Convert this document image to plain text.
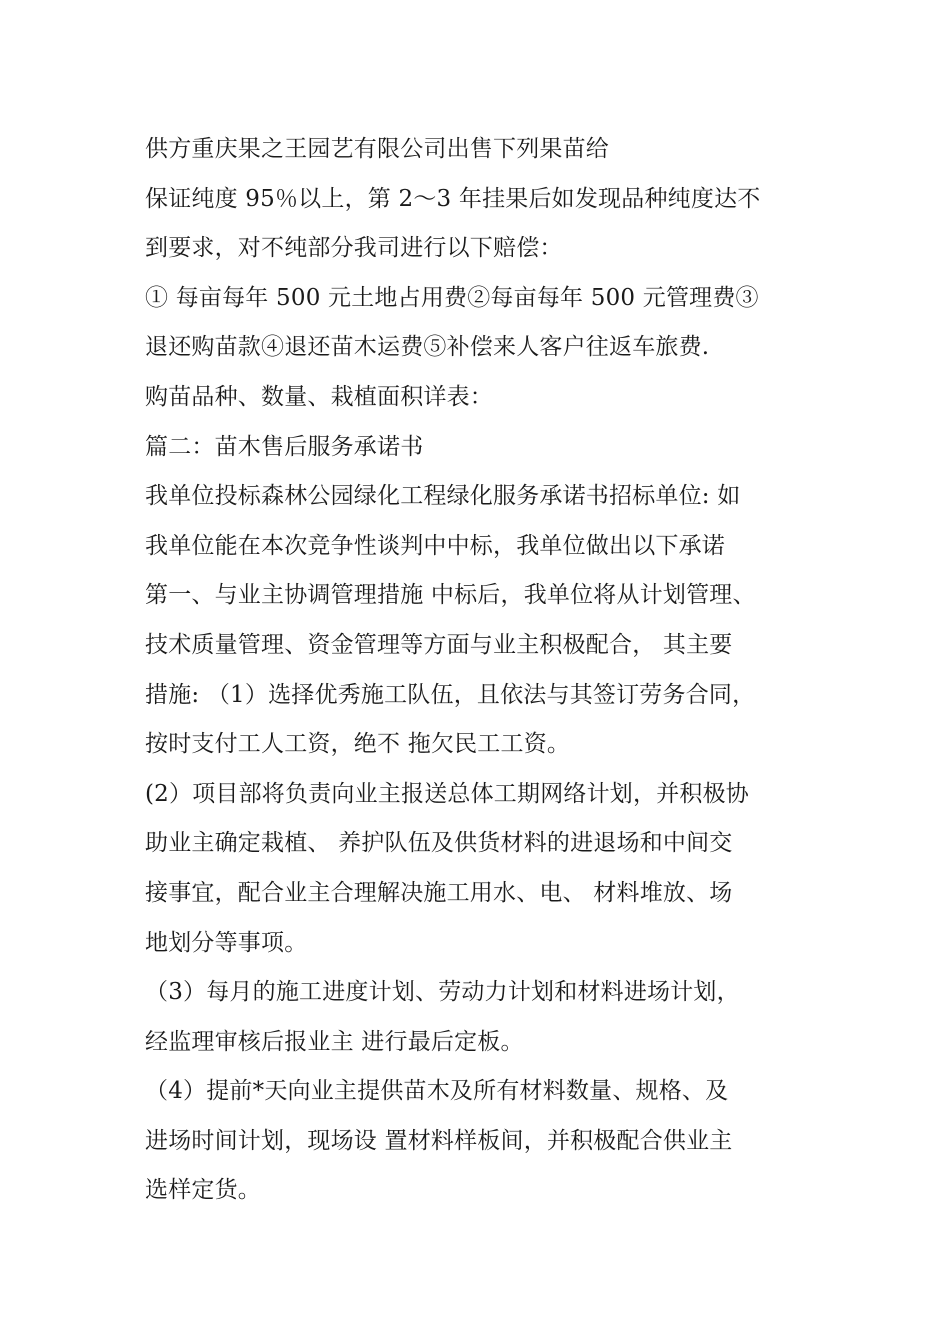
供方重庆果之王园艺有限公司出售下列果苗给
保证纯度 95％以上，第 2～3 年挂果后如发现品种纯度达不
到要求，对不纯部分我司进行以下赔偿：
① 每亩每年 500 元土地占用费②每亩每年 500 元管理费③
退还购苗款④退还苗木运费⑤补偿来人客户往返车旅费.
购苗品种、数量、栽植面积详表：
篇二：苗木售后服务承诺书
我单位投标森林公园绿化工程绿化服务承诺书招标单位: 如
我单位能在本次竞争性谈判中中标，我单位做出以下承诺
第一、与业主协调管理措施 中标后，我单位将从计划管理、
技术质量管理、资金管理等方面与业主积极配合， 其主要
措施: （1）选择优秀施工队伍，且依法与其签订劳务合同，
按时支付工人工资，绝不 拖欠民工工资。
(2）项目部将负责向业主报送总体工期网络计划，并积极协
助业主确定栽植、 养护队伍及供货材料的进退场和中间交
接事宜，配合业主合理解决施工用水、电、 材料堆放、场
地划分等事项。
（3）每月的施工进度计划、劳动力计划和材料进场计划，
经监理审核后报业主 进行最后定板。
（4）提前*天向业主提供苗木及所有材料数量、规格、及
进场时间计划，现场设 置材料样板间，并积极配合供业主
选样定货。
